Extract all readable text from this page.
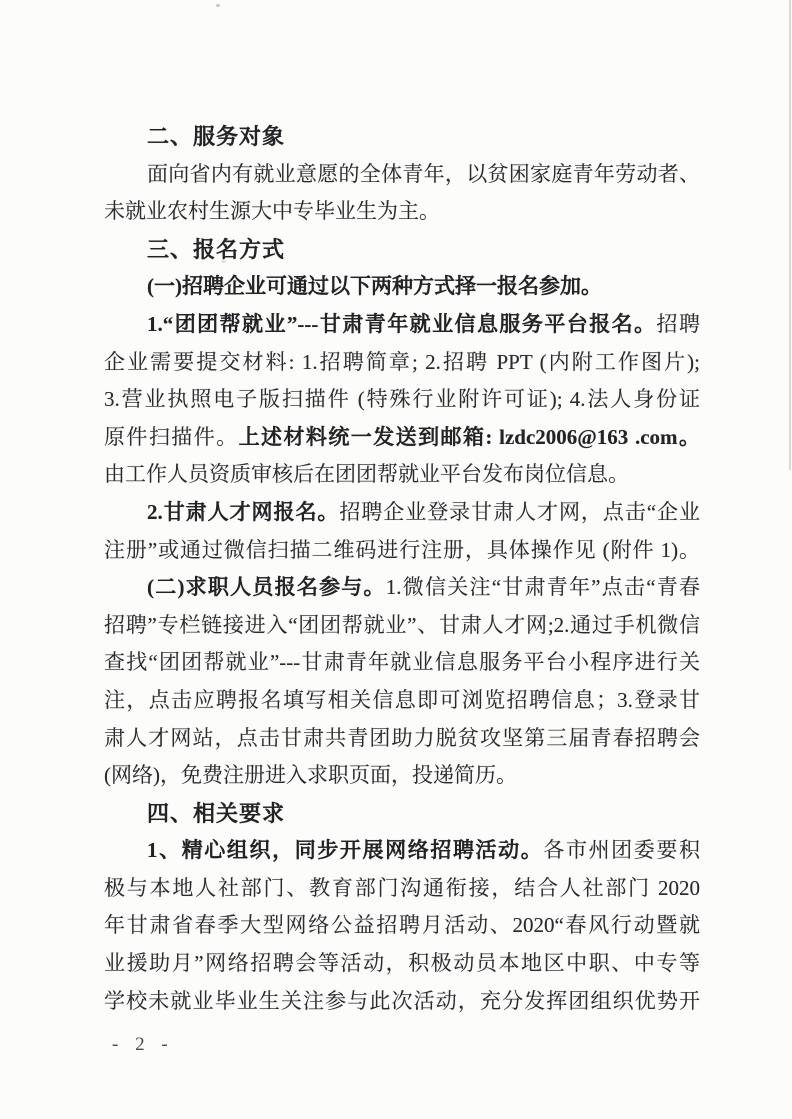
二、服务对象
面向省内有就业意愿的全体青年，以贫困家庭青年劳动者、
未就业农村生源大中专毕业生为主。
三、报名方式
(一)招聘企业可通过以下两种方式择一报名参加。
1.“团团帮就业”---甘肃青年就业信息服务平台报名。招聘
企业需要提交材料: 1.招聘简章; 2.招聘 PPT (内附工作图片);
3.营业执照电子版扫描件 (特殊行业附许可证); 4.法人身份证
原件扫描件。上述材料统一发送到邮箱: lzdc2006@163 .com。
由工作人员资质审核后在团团帮就业平台发布岗位信息。
2.甘肃人才网报名。招聘企业登录甘肃人才网，点击“企业
注册”或通过微信扫描二维码进行注册，具体操作见 (附件 1)。
(二)求职人员报名参与。1.微信关注“甘肃青年”点击“青春
招聘”专栏链接进入“团团帮就业”、甘肃人才网;2.通过手机微信
查找“团团帮就业”---甘肃青年就业信息服务平台小程序进行关
注，点击应聘报名填写相关信息即可浏览招聘信息；3.登录甘
肃人才网站，点击甘肃共青团助力脱贫攻坚第三届青春招聘会
(网络)，免费注册进入求职页面，投递简历。
四、相关要求
1、精心组织，同步开展网络招聘活动。各市州团委要积
极与本地人社部门、教育部门沟通衔接，结合人社部门 2020
年甘肃省春季大型网络公益招聘月活动、2020“春风行动暨就
业援助月”网络招聘会等活动，积极动员本地区中职、中专等
学校未就业毕业生关注参与此次活动，充分发挥团组织优势开
- 2 -
